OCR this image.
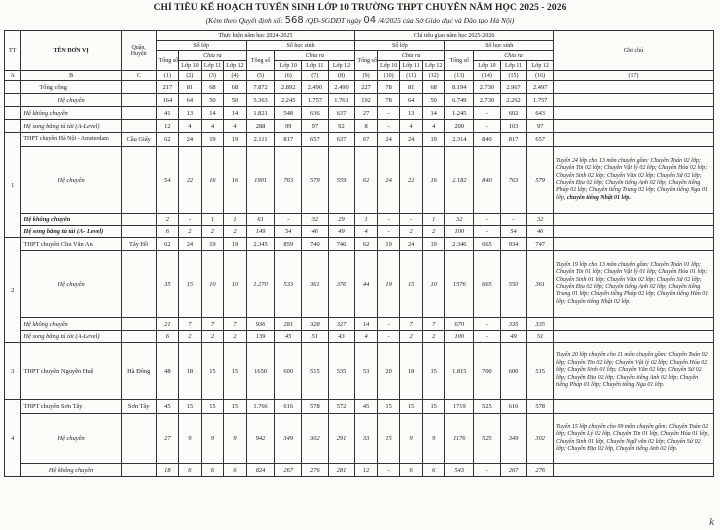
CHỈ TIÊU KẾ HOẠCH TUYỂN SINH LỚP 10 TRƯỜNG THPT CHUYÊN NĂM HỌC 2025 - 2026
(Kèm theo Quyết định số: 568 /QĐ-SGDĐT ngày 04 /4/2025 của Sở Giáo dục và Đào tạo Hà Nội)
TT	TÊN ĐƠN VỊ	Quận, Huyện	Thực hiện năm học 2024-2025								Chỉ tiêu giao năm học 2025-2026								Ghi chú
			Số lớp				Số học sinh				Số lớp				Số học sinh				
			Tổng số	Chia ra			Tổng số	Chia ra			Tổng số	Chia ra			Tổng số	Chia ra			
				Lớp 10	Lớp 11	Lớp 12		Lớp 10	Lớp 11	Lớp 12		Lớp 10	Lớp 11	Lớp 12		Lớp 10	Lớp 11	Lớp 12	
A	B	C	(1)	(2)	(3)	(4)	(5)	(6)	(7)	(8)	(9)	(10)	(11)	(12)	(13)	(14)	(15)	(16)	(17)
	Tổng cộng		217	81	68	68	7.872	2.892	2.490	2.490	227	78	81	68	8.194	2.730	2.967	2.497	
	Hệ chuyên		164	64	50	50	5.363	2.245	1.757	1.761	192	78	64	50	6.749	2.730	2.262	1.757	
	Hệ không chuyên		41	13	14	14	1.821	548	636	637	27	-	13	14	1.245	-	602	643	
	Hệ song bằng tú tài (A-Level)		12	4	4	4	288	99	97	92	8	-	4	4	200	-	103	97	
1	THPT chuyên Hà Nội - Amsterdam	Cầu Giấy	62	24	19	19	2.111	817	657	637	67	24	24	19	2.314	840	817	657	
	Hệ chuyên		54	22	16	16	1901	763	579	559	62	24	22	16	2.182	840	763	579	Tuyển 24 lớp cho 13 môn chuyên gồm: Chuyên Toán 02 lớp; Chuyên Tin 02 lớp; Chuyên Vật lý 02 lớp; Chuyên Hóa 02 lớp; Chuyên Sinh 02 lớp; Chuyên Văn 02 lớp; Chuyên Sử 02 lớp; Chuyên Địa 02 lớp; Chuyên tiếng Anh 02 lớp; Chuyên tiếng Pháp 02 lớp; Chuyên tiếng Trung 02 lớp; Chuyên tiếng Nga 01 lớp, chuyên tiếng Nhật 01 lớp.
	Hệ không chuyên		2	-	1	1	61	-	32	29	1	-	-	1	32	-	-	32	
	Hệ song bằng tú tài (A- Level)		6	2	2	2	149	54	46	49	4	-	2	2	100	-	54	46	
2	THPT chuyên Chu Văn An	Tây Hồ	62	24	19	19	2.345	859	740	746	62	19	24	19	2.346	665	934	747	
	Hệ chuyên		35	15	10	10	1.270	533	361	376	44	19	15	10	1576	665	550	361	Tuyển 19 lớp cho 13 môn chuyên gồm: Chuyên Toán 01 lớp; Chuyên Tin 01 lớp; Chuyên Vật lý 01 lớp; Chuyên Hóa 01 lớp; Chuyên Sinh 01 lớp; Chuyên Văn 02 lớp; Chuyên Sử 02 lớp; Chuyên Địa 02 lớp; Chuyên tiếng Anh 02 lớp; Chuyên tiếng Trung 01 lớp; Chuyên tiếng Pháp 02 lớp; Chuyên tiếng Hàn 01 lớp; Chuyên tiếng Nhật 02 lớp.
	Hệ không chuyên		21	7	7	7	936	281	328	327	14	-	7	7	670	-	335	335	
	Hệ song bằng tú tài (A-Level)		6	2	2	2	139	45	51	43	4	-	2	2	100	-	49	51	
3	THPT chuyên Nguyễn Huệ	Hà Đông	48	18	15	15	1650	600	515	535	53	20	18	15	1.815	700	600	515	Tuyển 20 lớp chuyên cho 11 môn chuyên gồm: Chuyên Toán 02 lớp; Chuyên Tin 02 lớp; Chuyên Vật lý 02 lớp; Chuyên Hóa 02 lớp; Chuyên Sinh 01 lớp; Chuyên Văn 02 lớp; Chuyên Sử 02 lớp; Chuyên Địa 02 lớp; Chuyên tiếng Anh 02 lớp; Chuyên tiếng Pháp 01 lớp; Chuyên tiếng Nga 01 lớp.
4	THPT chuyên Sơn Tây	Sơn Tây	45	15	15	15	1.766	616	578	572	45	15	15	15	1719	525	616	578	
	Hệ chuyên		27	9	9	9	942	349	302	291	33	15	9	9	1176	525	349	302	Tuyển 15 lớp chuyên cho 09 môn chuyên gồm: Chuyên Toán 02 lớp; Chuyên Lý 02 lớp, Chuyên Tin 01 lớp, Chuyên Hóa 01 lớp, Chuyên Sinh 01 lớp, Chuyên Ngữ văn 02 lớp; Chuyên Sử 02 lớp; Chuyên Địa 02 lớp, Chuyên tiếng Anh 02 lớp.
	Hệ không chuyên		18	6	6	6	824	267	276	281	12	-	6	6	543	-	267	276	
k
